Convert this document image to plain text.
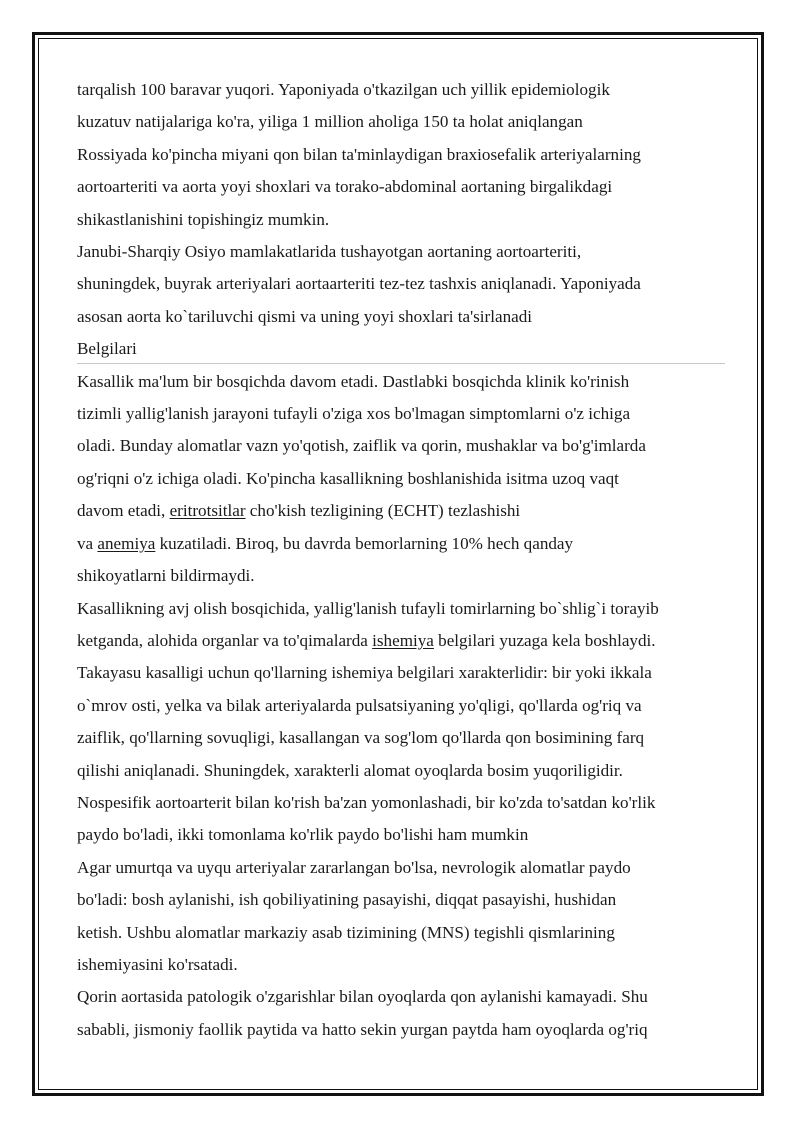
tarqalish 100 baravar yuqori. Yaponiyada o'tkazilgan uch yillik epidemiologik

kuzatuv natijalariga ko'ra, yiliga 1 million aholiga 150 ta holat aniqlangan

Rossiyada ko'pincha miyani qon bilan ta'minlaydigan braxiosefalik arteriyalarning

aortoarteriti va aorta yoyi shoxlari va torako-abdominal aortaning birgalikdagi

shikastlanishini topishingiz mumkin.

Janubi-Sharqiy Osiyo mamlakatlarida tushayotgan aortaning aortoarteriti,

shuningdek, buyrak arteriyalari aortaarteriti tez-tez tashxis aniqlanadi. Yaponiyada

asosan aorta ko`tariluvchi qismi va uning yoyi shoxlari ta'sirlanadi

Belgilari

Kasallik ma'lum bir bosqichda davom etadi. Dastlabki bosqichda klinik ko'rinish

tizimli yallig'lanish jarayoni tufayli o'ziga xos bo'lmagan simptomlarni o'z ichiga

oladi. Bunday alomatlar vazn yo'qotish, zaiflik va qorin, mushaklar va bo'g'imlarda

og'riqni o'z ichiga oladi. Ko'pincha kasallikning boshlanishida isitma uzoq vaqt

davom etadi, eritrotsitlar cho'kish tezligining (ECHT) tezlashishi

va anemiya kuzatiladi. Biroq, bu davrda bemorlarning 10% hech qanday

shikoyatlarni bildirmaydi.

Kasallikning avj olish bosqichida, yallig'lanish tufayli tomirlarning bo`shlig`i torayib

ketganda, alohida organlar va to'qimalarda ishemiya belgilari yuzaga kela boshlaydi.

Takayasu kasalligi uchun qo'llarning ishemiya belgilari xarakterlidir: bir yoki ikkala

o`mrov osti, yelka va bilak arteriyalarda pulsatsiyaning yo'qligi, qo'llarda og'riq va

zaiflik, qo'llarning sovuqligi, kasallangan va sog'lom qo'llarda qon bosimining farq

qilishi aniqlanadi. Shuningdek, xarakterli alomat oyoqlarda bosim yuqoriligidir.

Nospesifik aortoarterit bilan ko'rish ba'zan yomonlashadi, bir ko'zda to'satdan ko'rlik

paydo bo'ladi, ikki tomonlama ko'rlik paydo bo'lishi ham mumkin

Agar umurtqa va uyqu arteriyalar zararlangan bo'lsa, nevrologik alomatlar paydo

bo'ladi: bosh aylanishi, ish qobiliyatining pasayishi, diqqat pasayishi, hushidan

ketish. Ushbu alomatlar markaziy asab tizimining (MNS) tegishli qismlarining

ishemiyasini ko'rsatadi.

Qorin aortasida patologik o'zgarishlar bilan oyoqlarda qon aylanishi kamayadi. Shu

sababli, jismoniy faollik paytida va hatto sekin yurgan paytda ham oyoqlarda og'riq
